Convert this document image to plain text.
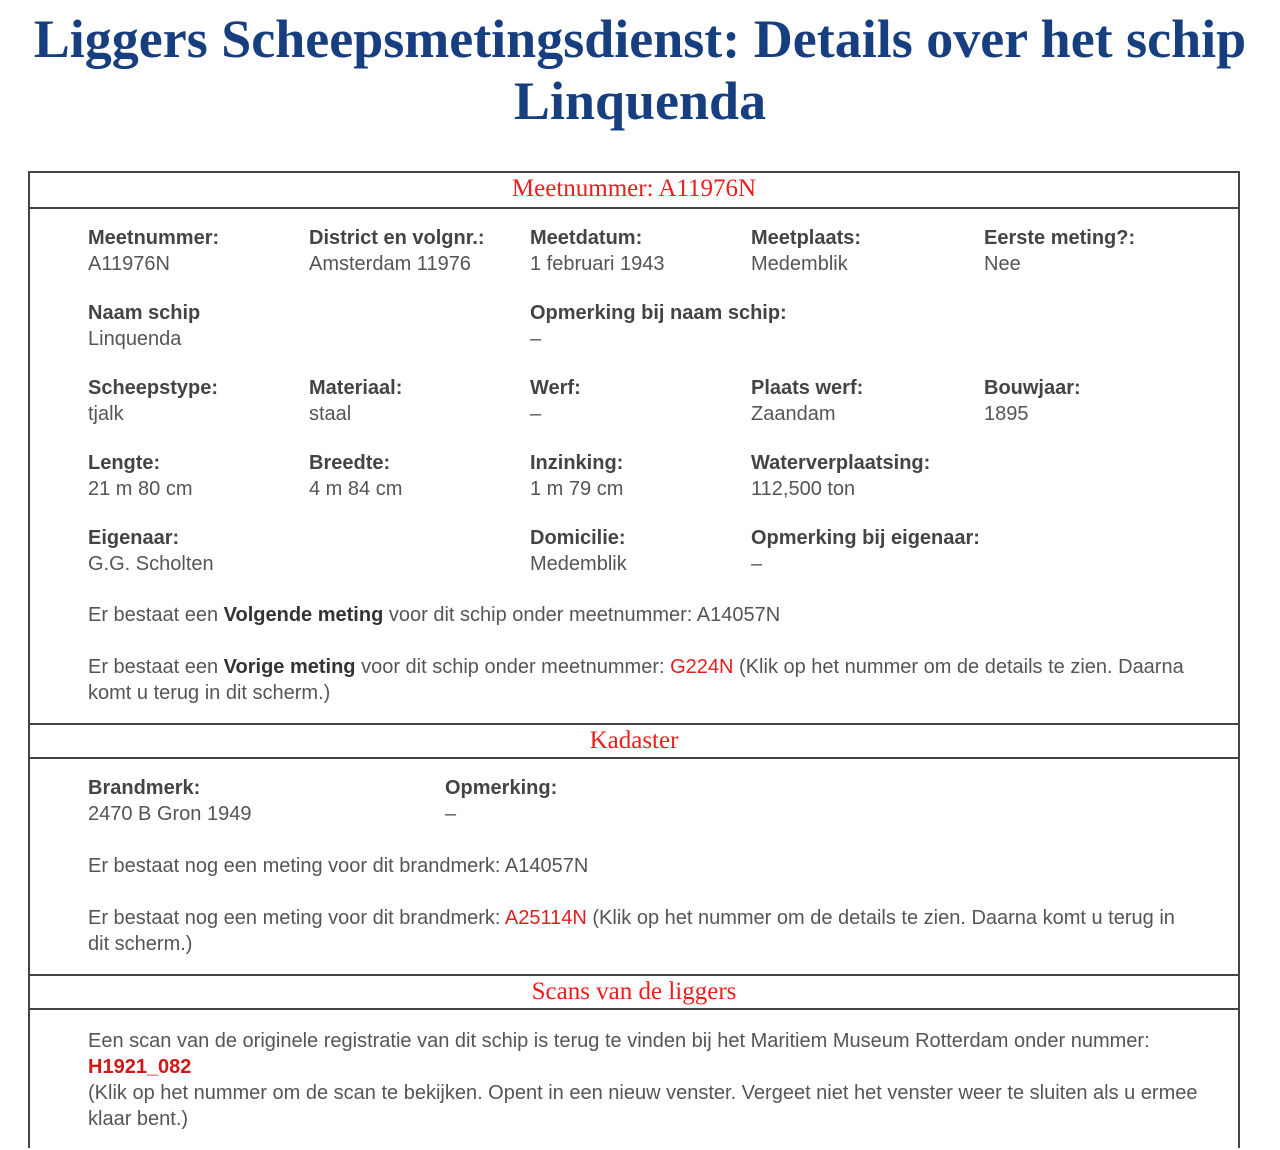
Liggers Scheepsmetingsdienst: Details over het schip Linquenda
Meetnummer: A11976N
Meetnummer:
A11976N
District en volgnr.:
Amsterdam 11976
Meetdatum:
1 februari 1943
Meetplaats:
Medemblik
Eerste meting?:
Nee
Naam schip
Linquenda
Opmerking bij naam schip:
–
Scheepstype:
tjalk
Materiaal:
staal
Werf:
–
Plaats werf:
Zaandam
Bouwjaar:
1895
Lengte:
21 m 80 cm
Breedte:
4 m 84 cm
Inzinking:
1 m 79 cm
Waterverplaatsing:
112,500 ton
Eigenaar:
G.G. Scholten
Domicilie:
Medemblik
Opmerking bij eigenaar:
–
Er bestaat een Volgende meting voor dit schip onder meetnummer: A14057N
Er bestaat een Vorige meting voor dit schip onder meetnummer: G224N (Klik op het nummer om de details te zien. Daarna komt u terug in dit scherm.)
Kadaster
Brandmerk:
2470 B Gron 1949
Opmerking:
–
Er bestaat nog een meting voor dit brandmerk: A14057N
Er bestaat nog een meting voor dit brandmerk: A25114N (Klik op het nummer om de details te zien. Daarna komt u terug in dit scherm.)
Scans van de liggers
Een scan van de originele registratie van dit schip is terug te vinden bij het Maritiem Museum Rotterdam onder nummer: H1921_082
(Klik op het nummer om de scan te bekijken. Opent in een nieuw venster. Vergeet niet het venster weer te sluiten als u ermee klaar bent.)
